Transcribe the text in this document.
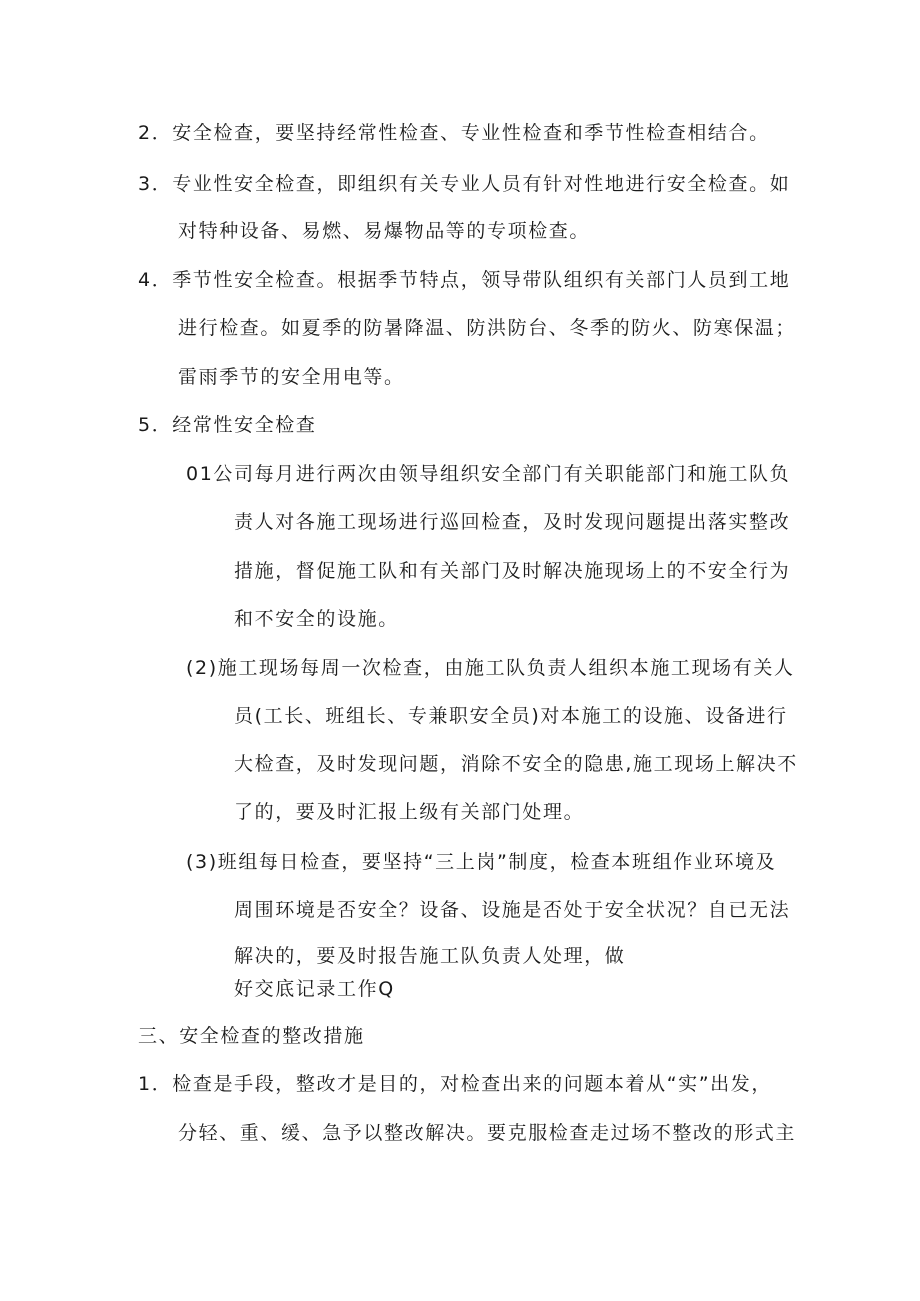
2．安全检查，要坚持经常性检查、专业性检查和季节性检查相结合。
3．专业性安全检查，即组织有关专业人员有针对性地进行安全检查。如
对特种设备、易燃、易爆物品等的专项检查。
4．季节性安全检查。根据季节特点，领导带队组织有关部门人员到工地
进行检查。如夏季的防暑降温、防洪防台、冬季的防火、防寒保温；
雷雨季节的安全用电等。
5．经常性安全检查
01公司每月进行两次由领导组织安全部门有关职能部门和施工队负
责人对各施工现场进行巡回检查，及时发现问题提出落实整改
措施，督促施工队和有关部门及时解决施现场上的不安全行为
和不安全的设施。
(2)施工现场每周一次检查，由施工队负责人组织本施工现场有关人
员(工长、班组长、专兼职安全员)对本施工的设施、设备进行
大检查，及时发现问题，消除不安全的隐患,施工现场上解决不
了的，要及时汇报上级有关部门处理。
(3)班组每日检查，要坚持“三上岗”制度，检查本班组作业环境及
周围环境是否安全？设备、设施是否处于安全状况？自已无法
解决的，要及时报告施工队负责人处理，做
好交底记录工作Q
三、安全检查的整改措施
1．检查是手段，整改才是目的，对检查出来的问题本着从“实”出发，
分轻、重、缓、急予以整改解决。要克服检查走过场不整改的形式主
